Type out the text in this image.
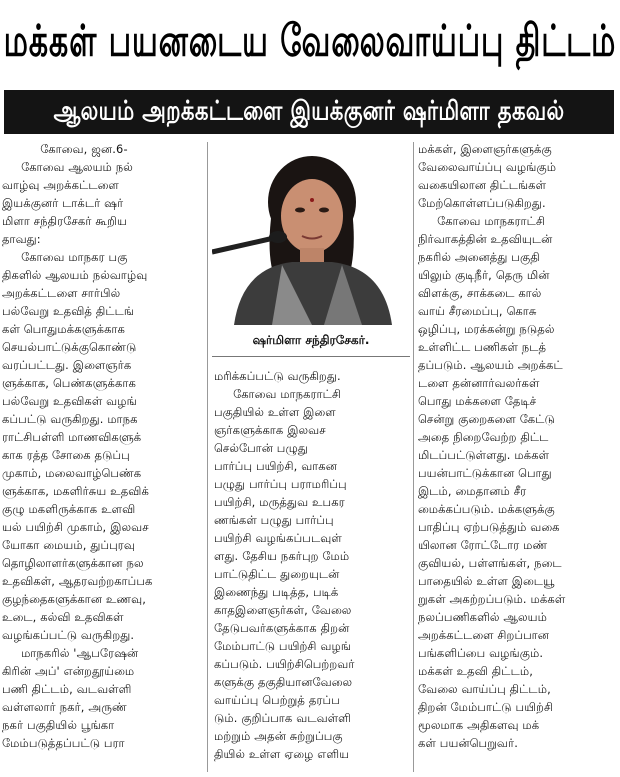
மக்கள் பயனடைய வேலைவாய்ப்பு திட்டம்
ஆலயம் அறக்கட்டளை இயக்குனர் ஷர்மிளா தகவல்
கோவை, ஜன.6-
கோவை ஆலயம் நல்
வாழ்வு அறக்கட்டளை
இயக்குனர் டாக்டர் ஷர்
மிளா சந்திரசேகர் கூறிய
தாவது:
கோவை மாநகர பகு
திகளில் ஆலயம் நல்வாழ்வு
அறக்கட்டளை சார்பில்
பல்வேறு உதவித் திட்டங்
கள் பொதுமக்களுக்காக
செயல்பாட்டுக்குகொண்டு
வரப்பட்டது. இளைஞர்க
ளுக்காக, பெண்களுக்காக
பல்வேறு உதவிகள் வழங்
கப்பட்டு வருகிறது. மாநக
ராட்சிபள்ளி மாணவிகளுக்
காக ரத்த சோகை தடுப்பு
முகாம், மலைவாழ்பெண்க
ளுக்காக, மகளிர்சுய உதவிக்
குழு மகளிருக்காக உளவி
யல் பயிற்சி முகாம், இலவச
யோகா மையம், துப்புரவு
தொழிலாளர்களுக்கான நல
உதவிகள், ஆதரவற்றகாப்பக
குழந்தைகளுக்கான உணவு,
உடை, கல்வி உதவிகள்
வழங்கப்பட்டு வருகிறது.
மாநகரில் 'ஆபரேஷன்
கிரின் அப்' என்றதூய்மை
பணி திட்டம், வடவள்ளி
வள்ளலார் நகர், அருண்
நகர் பகுதியில் பூங்கா
மேம்படுத்தப்பட்டு பரா
ஷர்மிளா சந்திரசேகர்.
மரிக்கப்பட்டு வருகிறது.
கோவை மாநகராட்சி
பகுதியில் உள்ள இளை
ஞர்களுக்காக இலவச
செல்போன் பழுது
பார்ப்பு பயிற்சி, வாகன
பழுது பார்ப்பு பராமரிப்பு
பயிற்சி, மருத்துவ உபகர
ணங்கள் பழுது பார்ப்பு
பயிற்சி வழங்கப்படவுள்
ளது. தேசிய நகர்புற மேம்
பாட்டுதிட்ட துறையுடன்
இணைந்து படித்த, படிக்
காதஇளைஞர்கள், வேலை
தேடுபவர்களுக்காக திறன்
மேம்பாட்டு பயிற்சி வழங்
கப்படும். பயிற்சிபெற்றவர்
களுக்கு தகுதியானவேலை
வாய்ப்பு பெற்றுத் தரப்ப
டும். குறிப்பாக வடவள்ளி
மற்றும் அதன் சுற்றுப்பகு
தியில் உள்ள ஏழை எளிய
மக்கள், இளைஞர்களுக்கு
வேலைவாய்ப்பு வழங்கும்
வகையிலான திட்டங்கள்
மேற்கொள்ளப்படுகிறது.
கோவை மாநகராட்சி
நிர்வாகத்தின் உதவியுடன்
நகரில் அனைத்து பகுதி
யிலும் குடிநீர், தெரு மின்
விளக்கு, சாக்கடை கால்
வாய் சீரமைப்பு, கொசு
ஒழிப்பு, மரக்கன்று நடுதல்
உள்ளிட்ட பணிகள் நடத்
தப்படும். ஆலயம் அறக்கட்
டளை தன்னார்வலர்கள்
பொது மக்களை தேடிச்
சென்று குறைகளை கேட்டு
அதை நிறைவேற்ற திட்ட
மிடப்பட்டுள்ளது. மக்கள்
பயன்பாட்டுக்கான பொது
இடம், மைதானம் சீர
மைக்கப்படும். மக்களுக்கு
பாதிப்பு ஏற்படுத்தும் வகை
யிலான ரோட்டோர மண்
குவியல், பள்ளங்கள், நடை
பாதையில் உள்ள இடையூ
றுகள் அகற்றப்படும். மக்கள்
நலப்பணிகளில் ஆலயம்
அறக்கட்டளை சிறப்பான
பங்களிப்பை வழங்கும்.
மக்கள் உதவி திட்டம்,
வேலை வாய்ப்பு திட்டம்,
திறன் மேம்பாட்டு பயிற்சி
மூலமாக அதிகளவு மக்
கள் பயன்பெறுவர்.
